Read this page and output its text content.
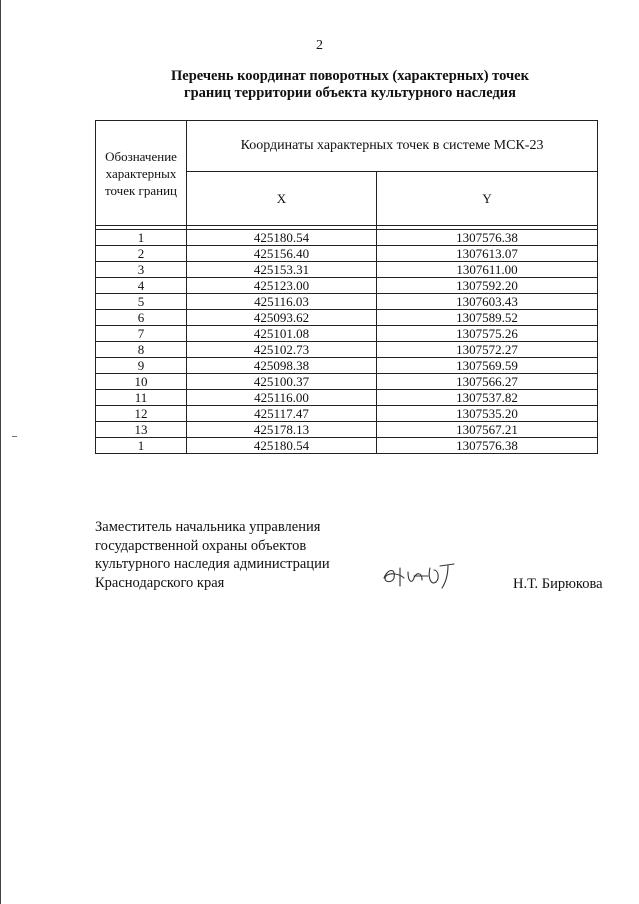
2
Перечень координат поворотных (характерных) точек
границ территории объекта культурного наследия
Обозначение
характерных
точек границ	Координаты характерных точек в системе МСК-23	
	X	Y

1	425180.54	1307576.38
2	425156.40	1307613.07
3	425153.31	1307611.00
4	425123.00	1307592.20
5	425116.03	1307603.43
6	425093.62	1307589.52
7	425101.08	1307575.26
8	425102.73	1307572.27
9	425098.38	1307569.59
10	425100.37	1307566.27
11	425116.00	1307537.82
12	425117.47	1307535.20
13	425178.13	1307567.21
1	425180.54	1307576.38
Заместитель начальника управления
государственной охраны объектов
культурного наследия администрации
Краснодарского края	Н.Т. Бирюкова
